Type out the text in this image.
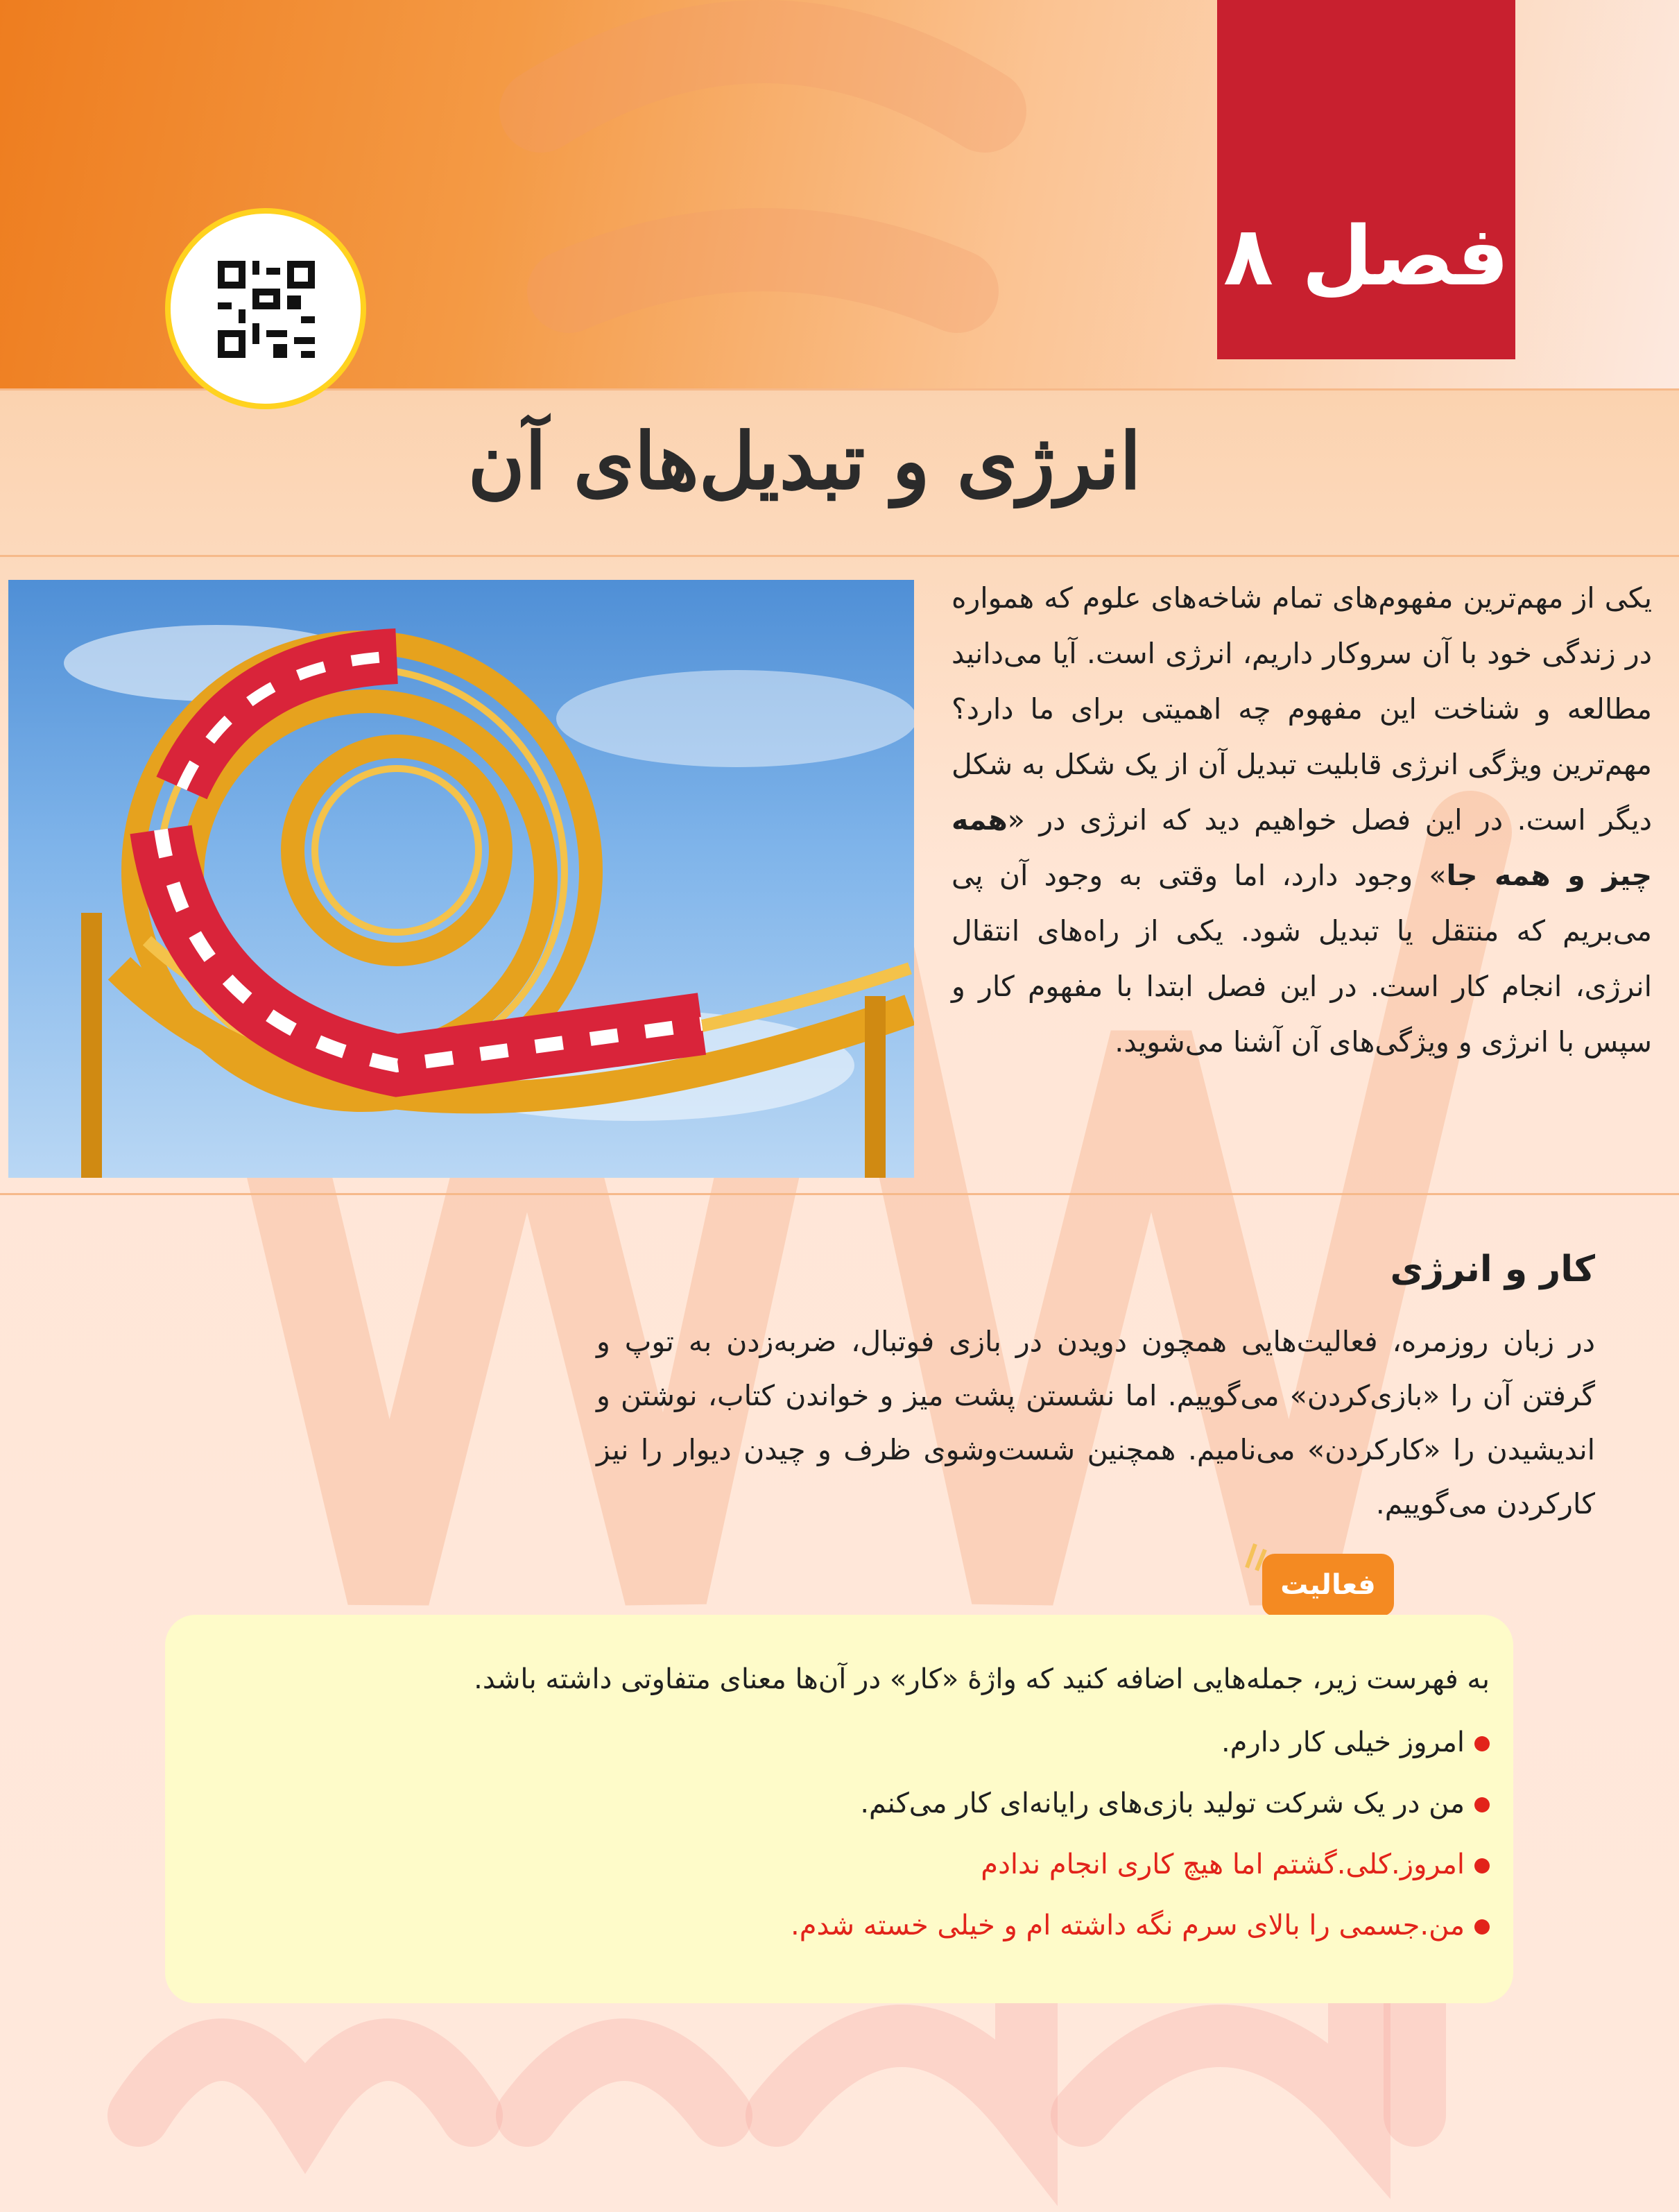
فصل ۸
انرژی و تبدیل‌های آن
یکی از مهم‌ترین مفهوم‌های تمام شاخه‌های علوم که همواره در زندگی خود با آن سروکار داریم، انرژی است. آیا می‌دانید مطالعه و شناخت این مفهوم چه اهمیتی برای ما دارد؟ مهم‌ترین ویژگی انرژی قابلیت تبدیل آن از یک شکل به شکل دیگر است. در این فصل خواهیم دید که انرژی در «همه چیز و همه جا» وجود دارد، اما وقتی به وجود آن پی می‌بریم که منتقل یا تبدیل شود. یکی از راه‌های انتقال انرژی، انجام کار است. در این فصل ابتدا با مفهوم کار و سپس با انرژی و ویژگی‌های آن آشنا می‌شوید.
کار و انرژی
در زبان روزمره، فعالیت‌هایی همچون دویدن در بازی فوتبال، ضربه‌زدن به توپ و گرفتن آن را «بازی‌کردن» می‌گوییم. اما نشستن پشت میز و خواندن کتاب، نوشتن و اندیشیدن را «کارکردن» می‌نامیم. همچنین شست‌وشوی ظرف و چیدن دیوار را نیز کارکردن می‌گوییم.
فعالیت
به فهرست زیر، جمله‌هایی اضافه کنید که واژهٔ «کار» در آن‌ها معنای متفاوتی داشته باشد.
امروز خیلی کار دارم.
من در یک شرکت تولید بازی‌های رایانه‌ای کار می‌کنم.
امروز.کلی.گشتم اما هیچ کاری انجام ندادم
من.جسمی را بالای سرم نگه داشته ام و خیلی خسته شدم.
